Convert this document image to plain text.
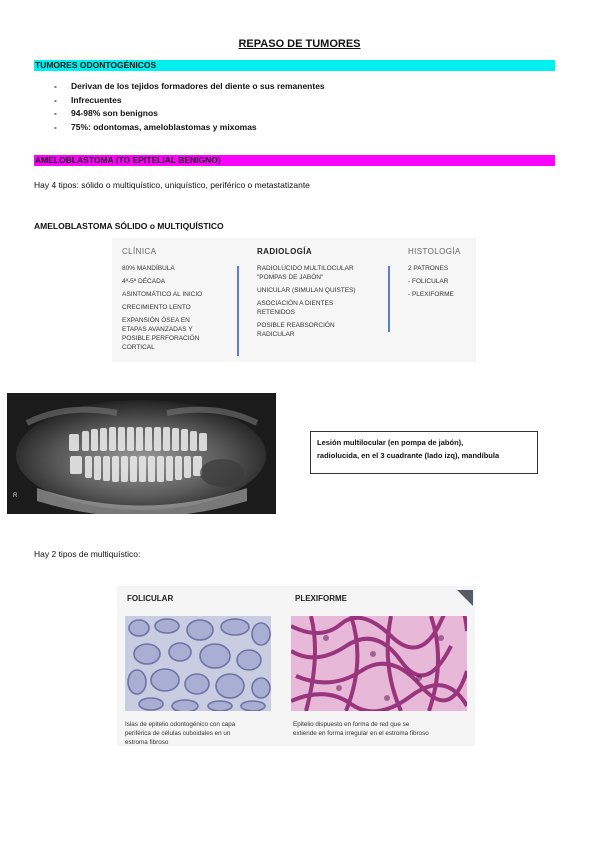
REPASO DE TUMORES
TUMORES ODONTOGÉNICOS
- Derivan de los tejidos formadores del diente o sus remanentes
- Infrecuentes
- 94-98% son benignos
- 75%: odontomas, ameloblastomas y mixomas
AMELOBLASTOMA (TO EPITELIAL BENIGNO)
Hay 4 tipos: sólido o multiquístico, uniquístico, periférico o metastatizante
AMELOBLASTOMA SÓLIDO o MULTIQUÍSTICO
CLÍNICA
80% MANDÍBULA
4ª-5ª DÉCADA
ASINTOMÁTICO AL INICIO
CRECIMIENTO LENTO
EXPANSIÓN ÓSEA EN
ETAPAS AVANZADAS Y
POSIBLE PERFORACIÓN
CORTICAL
RADIOLOGÍA
RADIOLÚCIDO MULTILOCULAR
"POMPAS DE JABÓN"
UNICULAR (SIMULAN QUISTES)
ASOCIACIÓN A DIENTES
RETENIDOS
POSIBLE REABSORCIÓN
RADICULAR
HISTOLOGÍA
2 PATRONES
- FOLICULAR
- PLEXIFORME
R
Lesión multilocular (en pompa de jabón),
radiolucida, en el 3 cuadrante (lado izq), mandíbula
Hay 2 tipos de multiquístico:
FOLICULAR	PLEXIFORME
Islas de epitelio odontogénico con capa
periférica de células cuboidales en un
estroma fibroso
Epitelio dispuesto en forma de red que se
extiende en forma irregular en el estroma fibroso
